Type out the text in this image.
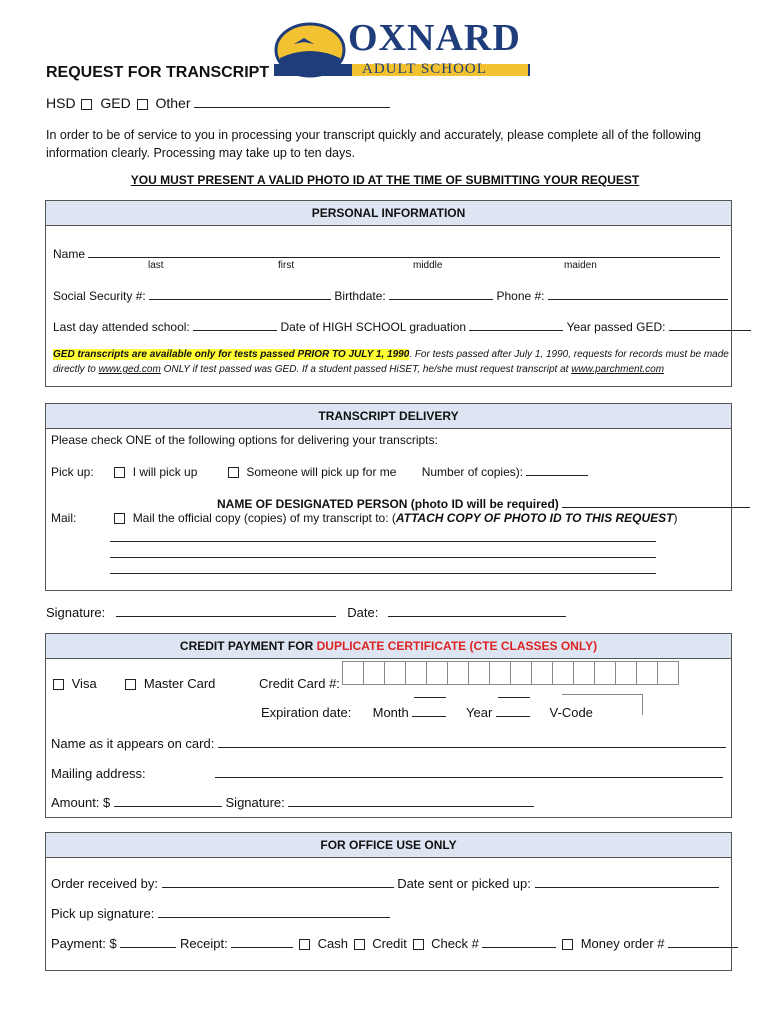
OXNARD
ADULT SCHOOL
REQUEST FOR TRANSCRIPT
HSD GED Other
In order to be of service to you in processing your transcript quickly and accurately, please complete all of the following information clearly. Processing may take up to ten days.
YOU MUST PRESENT A VALID PHOTO ID AT THE TIME OF SUBMITTING YOUR REQUEST
PERSONAL INFORMATION
Name
last	first	middle	maiden
Social Security #:	Birthdate:	Phone #:
Last day attended school:	Date of HIGH SCHOOL graduation	Year passed GED:
GED transcripts are available only for tests passed PRIOR TO JULY 1, 1990. For tests passed after July 1, 1990, requests for records must be made
directly to www.ged.com ONLY if test passed was GED. If a student passed HiSET, he/she must request transcript at www.parchment.com
TRANSCRIPT DELIVERY
Please check ONE of the following options for delivering your transcripts:
Pick up:	I will pick up	Someone will pick up for me Number of copies):
NAME OF DESIGNATED PERSON (photo ID will be required)
Mail:	Mail the official copy (copies) of my transcript to: (ATTACH COPY OF PHOTO ID TO THIS REQUEST)
Signature:	Date:
CREDIT PAYMENT FOR DUPLICATE CERTIFICATE (CTE CLASSES ONLY)
Visa	Master Card	Credit Card #:
Expiration date: Month	Year	V-Code
Name as it appears on card:
Mailing address:
Amount: $	Signature:
FOR OFFICE USE ONLY
Order received by:	Date sent or picked up:
Pick up signature:
Payment: $	Receipt:	Cash Credit Check #	Money order #
